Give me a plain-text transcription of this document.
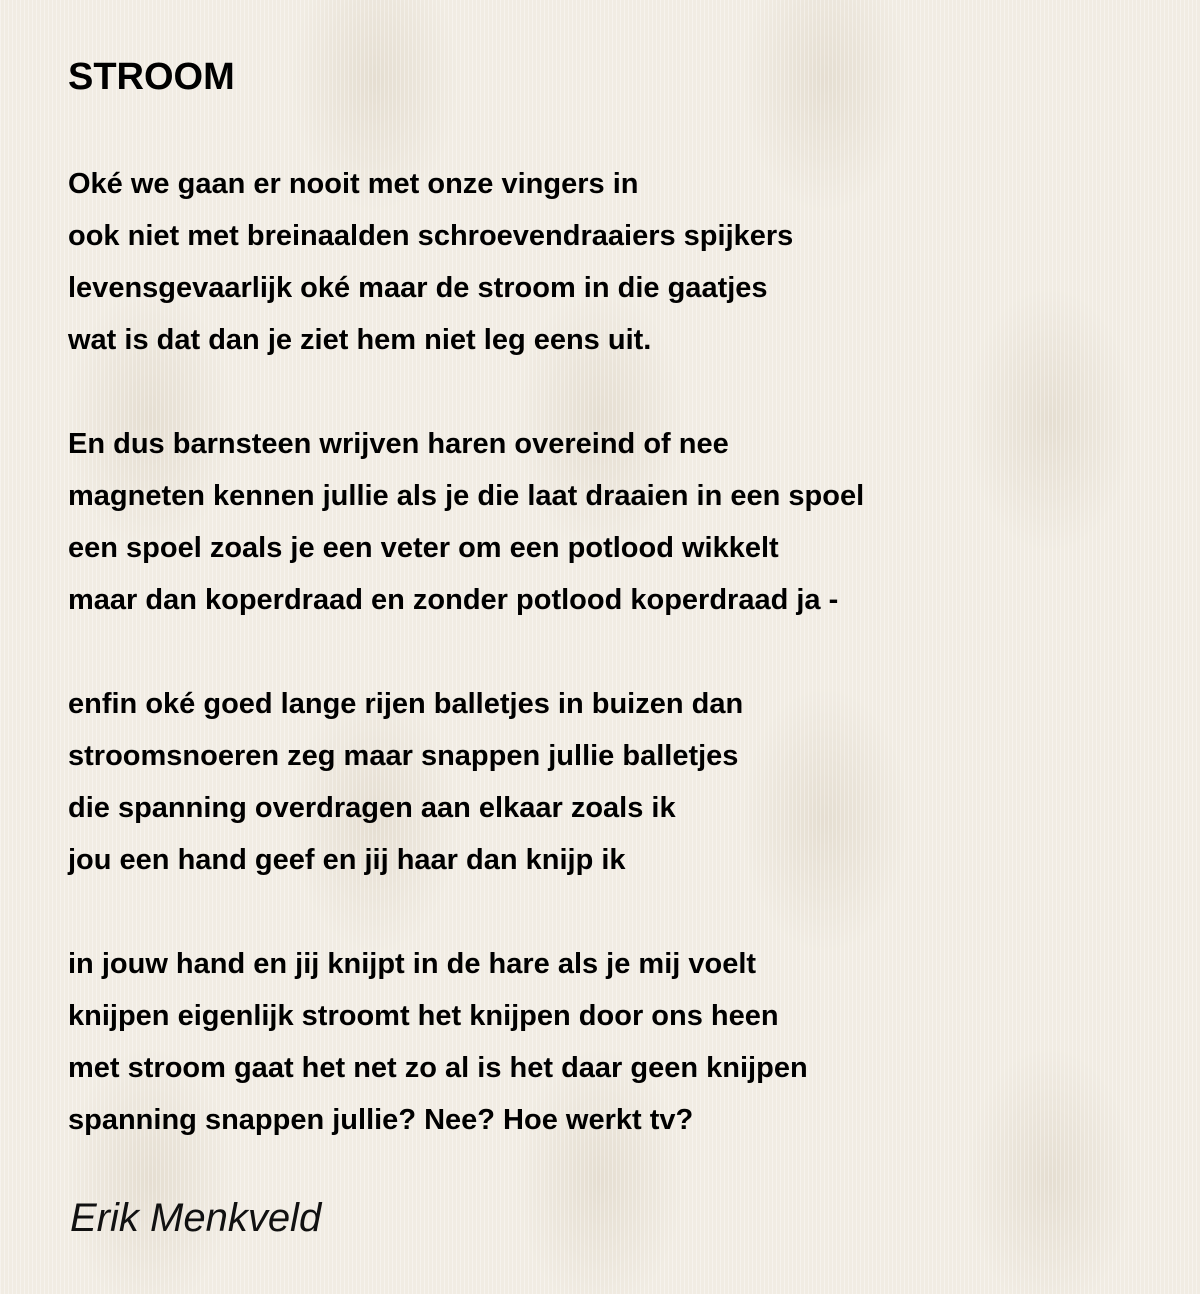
STROOM
Oké we gaan er nooit met onze vingers in
ook niet met breinaalden schroevendraaiers spijkers
levensgevaarlijk oké maar de stroom in die gaatjes
wat is dat dan je ziet hem niet leg eens uit.
En dus barnsteen wrijven haren overeind of nee
magneten kennen jullie als je die laat draaien in een spoel
een spoel zoals je een veter om een potlood wikkelt
maar dan koperdraad en zonder potlood koperdraad ja -
enfin oké goed lange rijen balletjes in buizen dan
stroomsnoeren zeg maar snappen jullie balletjes
die spanning overdragen aan elkaar zoals ik
jou een hand geef en jij haar dan knijp ik
in jouw hand en jij knijpt in de hare als je mij voelt
knijpen eigenlijk stroomt het knijpen door ons heen
met stroom gaat het net zo al is het daar geen knijpen
spanning snappen jullie? Nee? Hoe werkt tv?

Erik Menkveld
